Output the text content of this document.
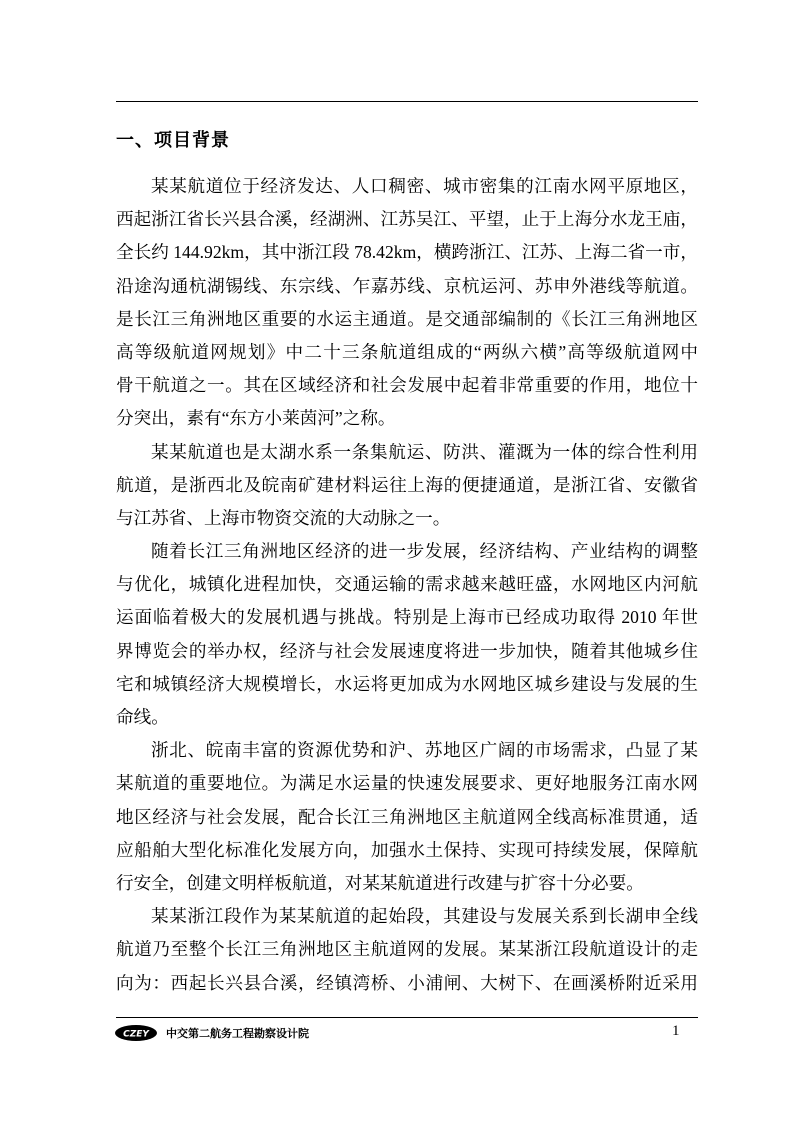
一、项目背景
某某航道位于经济发达、人口稠密、城市密集的江南水网平原地区，
西起浙江省长兴县合溪，经湖洲、江苏吴江、平望，止于上海分水龙王庙，
全长约 144.92km，其中浙江段 78.42km，横跨浙江、江苏、上海二省一市，
沿途沟通杭湖锡线、东宗线、乍嘉苏线、京杭运河、苏申外港线等航道。
是长江三角洲地区重要的水运主通道。是交通部编制的《长江三角洲地区
高等级航道网规划》中二十三条航道组成的“两纵六横”高等级航道网中
骨干航道之一。其在区域经济和社会发展中起着非常重要的作用，地位十
分突出，素有“东方小莱茵河”之称。
某某航道也是太湖水系一条集航运、防洪、灌溉为一体的综合性利用
航道，是浙西北及皖南矿建材料运往上海的便捷通道，是浙江省、安徽省
与江苏省、上海市物资交流的大动脉之一。
随着长江三角洲地区经济的进一步发展，经济结构、产业结构的调整
与优化，城镇化进程加快，交通运输的需求越来越旺盛，水网地区内河航
运面临着极大的发展机遇与挑战。特别是上海市已经成功取得 2010 年世
界博览会的举办权，经济与社会发展速度将进一步加快，随着其他城乡住
宅和城镇经济大规模增长，水运将更加成为水网地区城乡建设与发展的生
命线。
浙北、皖南丰富的资源优势和沪、苏地区广阔的市场需求，凸显了某
某航道的重要地位。为满足水运量的快速发展要求、更好地服务江南水网
地区经济与社会发展，配合长江三角洲地区主航道网全线高标准贯通，适
应船舶大型化标准化发展方向，加强水土保持、实现可持续发展，保障航
行安全，创建文明样板航道，对某某航道进行改建与扩容十分必要。
某某浙江段作为某某航道的起始段，其建设与发展关系到长湖申全线
航道乃至整个长江三角洲地区主航道网的发展。某某浙江段航道设计的走
向为：西起长兴县合溪，经镇湾桥、小浦闸、大树下、在画溪桥附近采用
CZEY 中交第二航务工程勘察设计院	1
